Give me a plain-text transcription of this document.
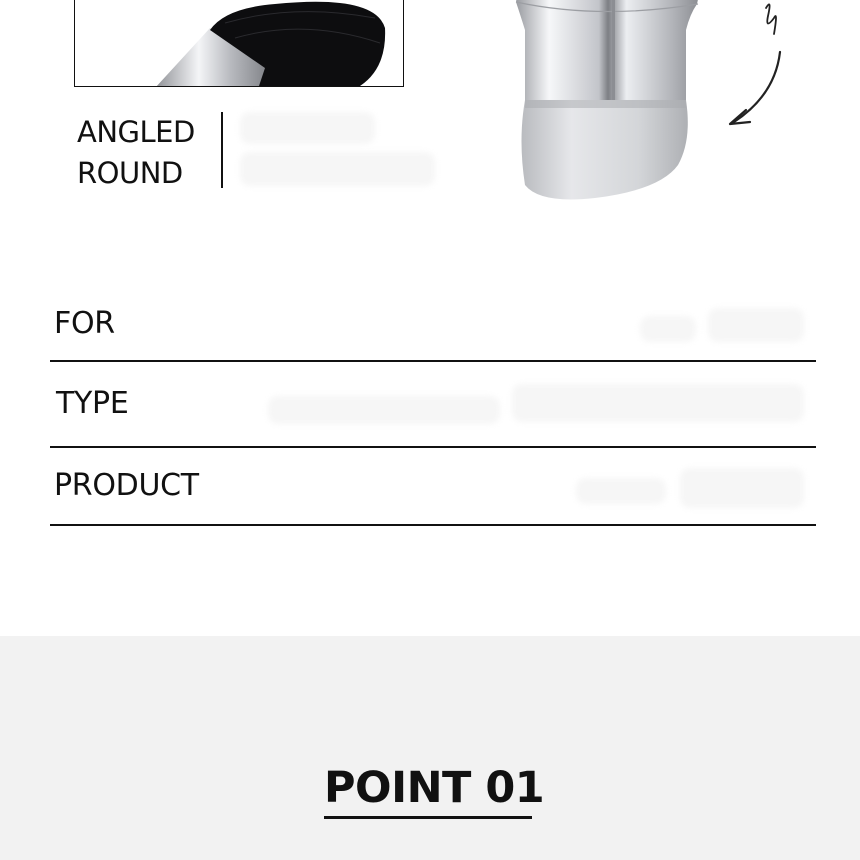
ANGLED
ROUND
FOR
TYPE
PRODUCT
POINT 01
